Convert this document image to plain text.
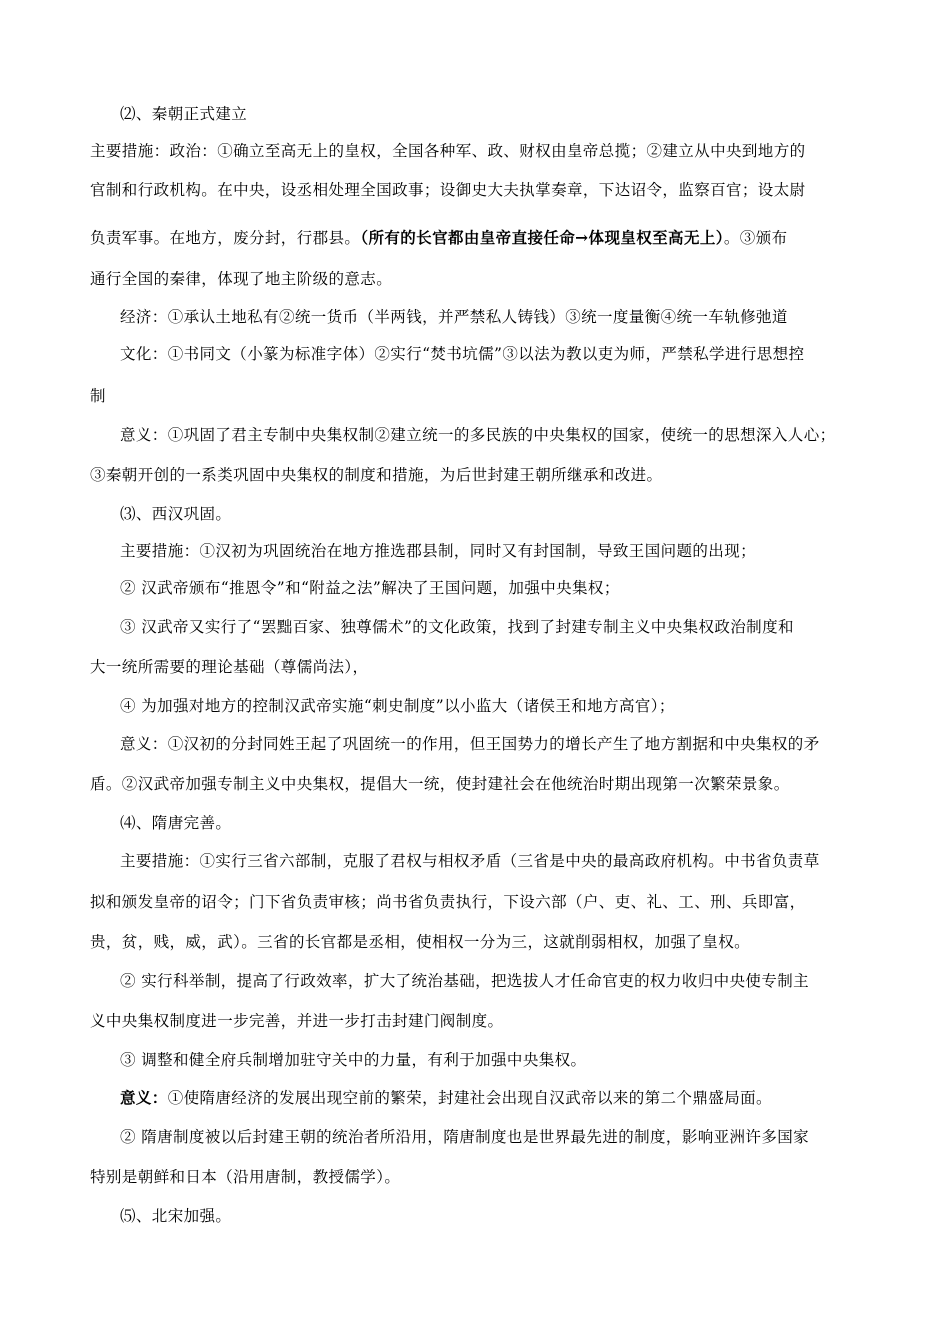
⑵、秦朝正式建立

主要措施：政治：①确立至高无上的皇权，全国各种军、政、财权由皇帝总揽；②建立从中央到地方的

官制和行政机构。在中央，设丞相处理全国政事；设御史大夫执掌奏章，下达诏令，监察百官；设太尉

负责军事。在地方，废分封，行郡县。（所有的长官都由皇帝直接任命→体现皇权至高无上）。③颁布

通行全国的秦律，体现了地主阶级的意志。

经济：①承认土地私有②统一货币（半两钱，并严禁私人铸钱）③统一度量衡④统一车轨修弛道

文化：①书同文（小篆为标准字体）②实行“焚书坑儒”③以法为教以吏为师，严禁私学进行思想控

制

意义：①巩固了君主专制中央集权制②建立统一的多民族的中央集权的国家，使统一的思想深入人心；

③秦朝开创的一系类巩固中央集权的制度和措施，为后世封建王朝所继承和改进。

⑶、西汉巩固。

主要措施：①汉初为巩固统治在地方推选郡县制，同时又有封国制，导致王国问题的出现；

② 汉武帝颁布“推恩令”和“附益之法”解决了王国问题，加强中央集权；

③ 汉武帝又实行了“罢黜百家、独尊儒术”的文化政策，找到了封建专制主义中央集权政治制度和

大一统所需要的理论基础（尊儒尚法），

④ 为加强对地方的控制汉武帝实施“刺史制度”以小监大（诸侯王和地方高官）；

意义：①汉初的分封同姓王起了巩固统一的作用，但王国势力的增长产生了地方割据和中央集权的矛

盾。②汉武帝加强专制主义中央集权，提倡大一统，使封建社会在他统治时期出现第一次繁荣景象。

⑷、隋唐完善。

主要措施：①实行三省六部制，克服了君权与相权矛盾（三省是中央的最高政府机构。中书省负责草

拟和颁发皇帝的诏令；门下省负责审核；尚书省负责执行，下设六部（户、吏、礼、工、刑、兵即富，

贵，贫，贱，威，武）。三省的长官都是丞相，使相权一分为三，这就削弱相权，加强了皇权。

② 实行科举制，提高了行政效率，扩大了统治基础，把选拔人才任命官吏的权力收归中央使专制主

义中央集权制度进一步完善，并进一步打击封建门阀制度。

③ 调整和健全府兵制增加驻守关中的力量，有利于加强中央集权。

意义：①使隋唐经济的发展出现空前的繁荣，封建社会出现自汉武帝以来的第二个鼎盛局面。

② 隋唐制度被以后封建王朝的统治者所沿用，隋唐制度也是世界最先进的制度，影响亚洲许多国家

特别是朝鲜和日本（沿用唐制，教授儒学）。

⑸、北宋加强。
